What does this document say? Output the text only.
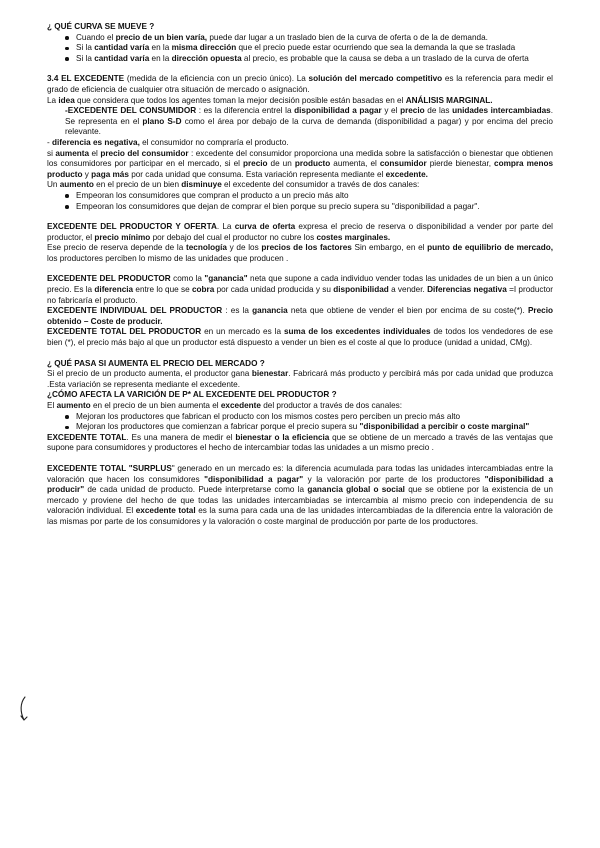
¿ QUÉ CURVA SE MUEVE ?

Cuando el precio de un bien varía, puede dar lugar a un traslado bien de la curva de oferta o de la de demanda.
Si la cantidad varía en la misma dirección que el precio puede estar ocurriendo que sea la demanda la que se traslada
Si la cantidad varía en la dirección opuesta al precio, es probable que la causa se deba a un traslado de la curva de oferta

3.4 EL EXCEDENTE (medida de la eficiencia con un precio único). La solución del mercado competitivo es la referencia para medir el grado de eficiencia de cualquier otra situación de mercado o asignación.

La idea que considera que todos los agentes toman la mejor decisión posible están basadas en el ANÁLISIS MARGINAL.

-EXCEDENTE DEL CONSUMIDOR : es la diferencia entrel la disponibilidad a pagar y el precio de las unidades intercambiadas. Se representa en el plano S-D como el área por debajo de la curva de demanda (disponibilidad a pagar) y por encima del precio relevante.

- diferencia es negativa, el consumidor no compraría el producto.

si aumenta el precio del consumidor : excedente del consumidor proporciona una medida sobre la satisfacción o bienestar que obtienen los consumidores por participar en el mercado, si el precio de un producto aumenta, el consumidor pierde bienestar, compra menos producto y paga más por cada unidad que consuma. Esta variación representa mediante el excedente.

Un aumento en el precio de un bien disminuye el excedente del consumidor a través de dos canales:

Empeoran los consumidores que compran el producto a un precio más alto
Empeoran los consumidores que dejan de comprar el bien porque su precio supera su "disponibilidad a pagar".

EXCEDENTE DEL PRODUCTOR Y OFERTA. La curva de oferta expresa el precio de reserva o disponibilidad a vender por parte del productor, el precio mínimo por debajo del cual el productor no cubre los costes marginales.

Ese precio de reserva depende de la tecnología y de los precios de los factores Sin embargo, en el punto de equilibrio de mercado, los productores perciben lo mismo de las unidades que producen .

EXCEDENTE DEL PRODUCTOR como la "ganancia" neta que supone a cada individuo vender todas las unidades de un bien a un único precio. Es la diferencia entre lo que se cobra por cada unidad producida y su disponibilidad a vender. Diferencias negativa =I productor no fabricaría el producto.

EXCEDENTE INDIVIDUAL DEL PRODUCTOR : es la ganancia neta que obtiene de vender el bien por encima de su coste(*). Precio obtenido – Coste de producir.

EXCEDENTE TOTAL DEL PRODUCTOR en un mercado es la suma de los excedentes individuales de todos los vendedores de ese bien (*), el precio más bajo al que un productor está dispuesto a vender un bien es el coste al que lo produce (unidad a unidad, CMg).

¿ QUÉ PASA SI AUMENTA EL PRECIO DEL MERCADO ?

Si el precio de un producto aumenta, el productor gana bienestar. Fabricará más producto y percibirá más por cada unidad que produzca .Esta variación se representa mediante el excedente.

¿CÓMO AFECTA LA VARICIÓN DE P* AL EXCEDENTE DEL PRODUCTOR ?

El aumento en el precio de un bien aumenta el excedente del productor a través de dos canales:

Mejoran los productores que fabrican el producto con los mismos costes pero perciben un precio más alto
Mejoran los productores que comienzan a fabricar porque el precio supera su "disponibilidad a percibir o coste marginal"

EXCEDENTE TOTAL. Es una manera de medir el bienestar o la eficiencia que se obtiene de un mercado a través de las ventajas que supone para consumidores y productores el hecho de intercambiar todas las unidades a un mismo precio .

EXCEDENTE TOTAL "SURPLUS" generado en un mercado es: la diferencia acumulada para todas las unidades intercambiadas entre la valoración que hacen los consumidores "disponibilidad a pagar" y la valoración por parte de los productores "disponibilidad a producir" de cada unidad de producto. Puede interpretarse como la ganancia global o social que se obtiene por la existencia de un mercado y proviene del hecho de que todas las unidades intercambiadas se intercambia al mismo precio con independencia de su valoración individual. El excedente total es la suma para cada una de las unidades intercambiadas de la diferencia entre la valoración de las mismas por parte de los consumidores y la valoración o coste marginal de producción por parte de los productores.
